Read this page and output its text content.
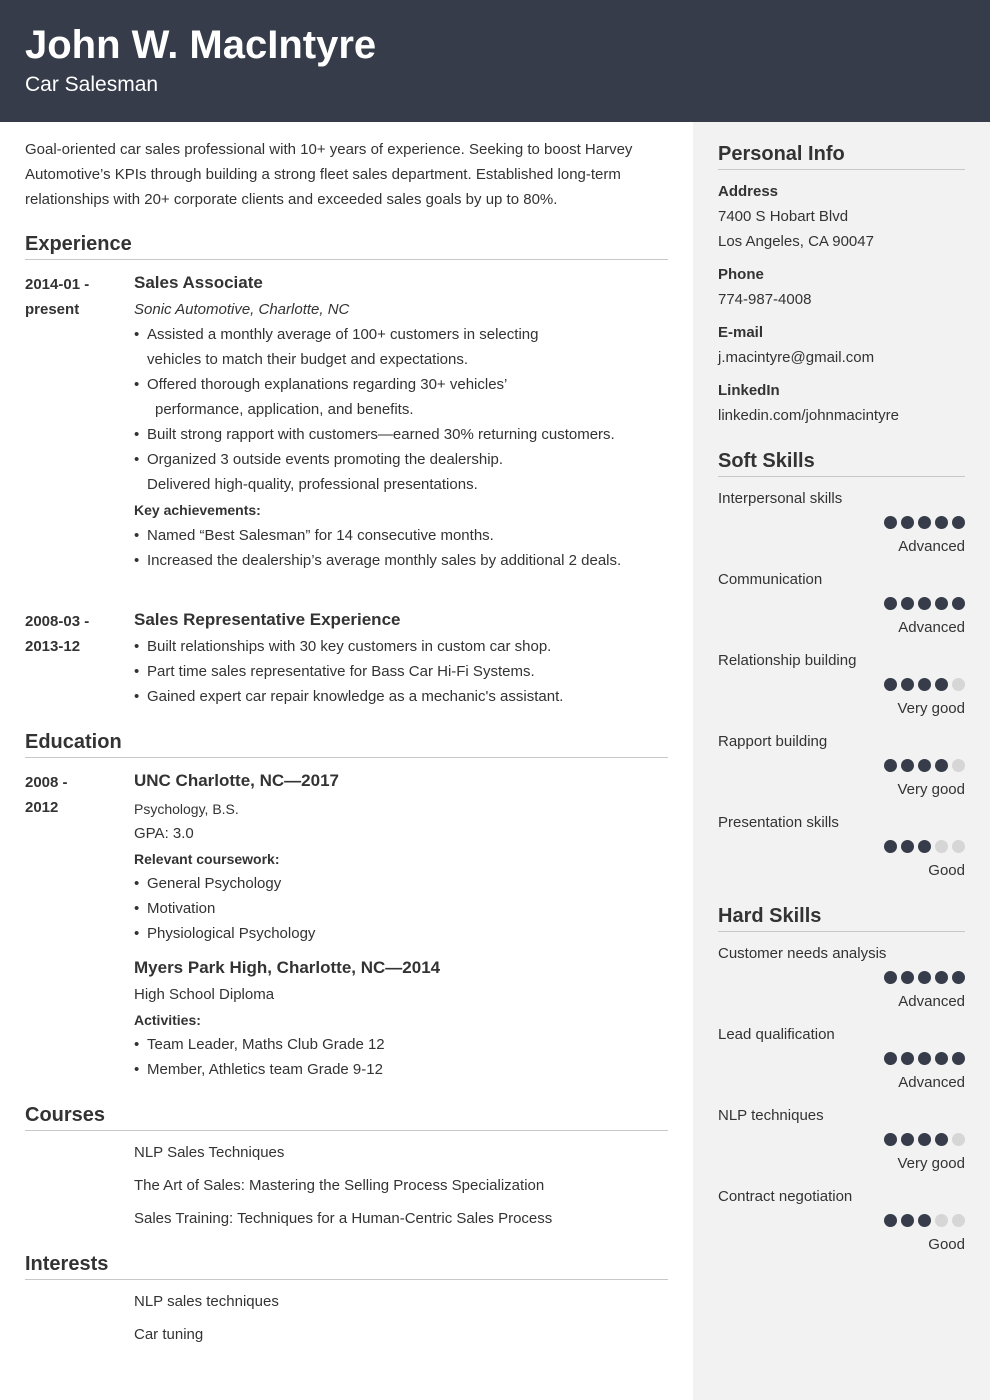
John W. MacIntyre
Car Salesman
Goal-oriented car sales professional with 10+ years of experience. Seeking to boost Harvey Automotive’s KPIs through building a strong fleet sales department. Established long-term relationships with 20+ corporate clients and exceeded sales goals by up to 80%.
Experience
2014-01 -
present
Sales Associate
Sonic Automotive, Charlotte, NC
• Assisted a monthly average of 100+ customers in selecting
vehicles to match their budget and expectations.
• Offered thorough explanations regarding 30+ vehicles’
performance, application, and benefits.
• Built strong rapport with customers—earned 30% returning customers.
• Organized 3 outside events promoting the dealership.
Delivered high-quality, professional presentations.
Key achievements:
• Named “Best Salesman” for 14 consecutive months.
• Increased the dealership’s average monthly sales by additional 2 deals.
2008-03 -
2013-12
Sales Representative Experience
• Built relationships with 30 key customers in custom car shop.
• Part time sales representative for Bass Car Hi-Fi Systems.
• Gained expert car repair knowledge as a mechanic's assistant.
Education
2008 -
2012
UNC Charlotte, NC—2017
Psychology, B.S.
GPA: 3.0
Relevant coursework:
• General Psychology
• Motivation
• Physiological Psychology
Myers Park High, Charlotte, NC—2014
High School Diploma
Activities:
• Team Leader, Maths Club Grade 12
• Member, Athletics team Grade 9-12
Courses
NLP Sales Techniques
The Art of Sales: Mastering the Selling Process Specialization
Sales Training: Techniques for a Human-Centric Sales Process
Interests
NLP sales techniques
Car tuning
Personal Info
Address
7400 S Hobart Blvd
Los Angeles, CA 90047
Phone
774-987-4008
E-mail
j.macintyre@gmail.com
LinkedIn
linkedin.com/johnmacintyre
Soft Skills
Interpersonal skills
Advanced
Communication
Advanced
Relationship building
Very good
Rapport building
Very good
Presentation skills
Good
Hard Skills
Customer needs analysis
Advanced
Lead qualification
Advanced
NLP techniques
Very good
Contract negotiation
Good
